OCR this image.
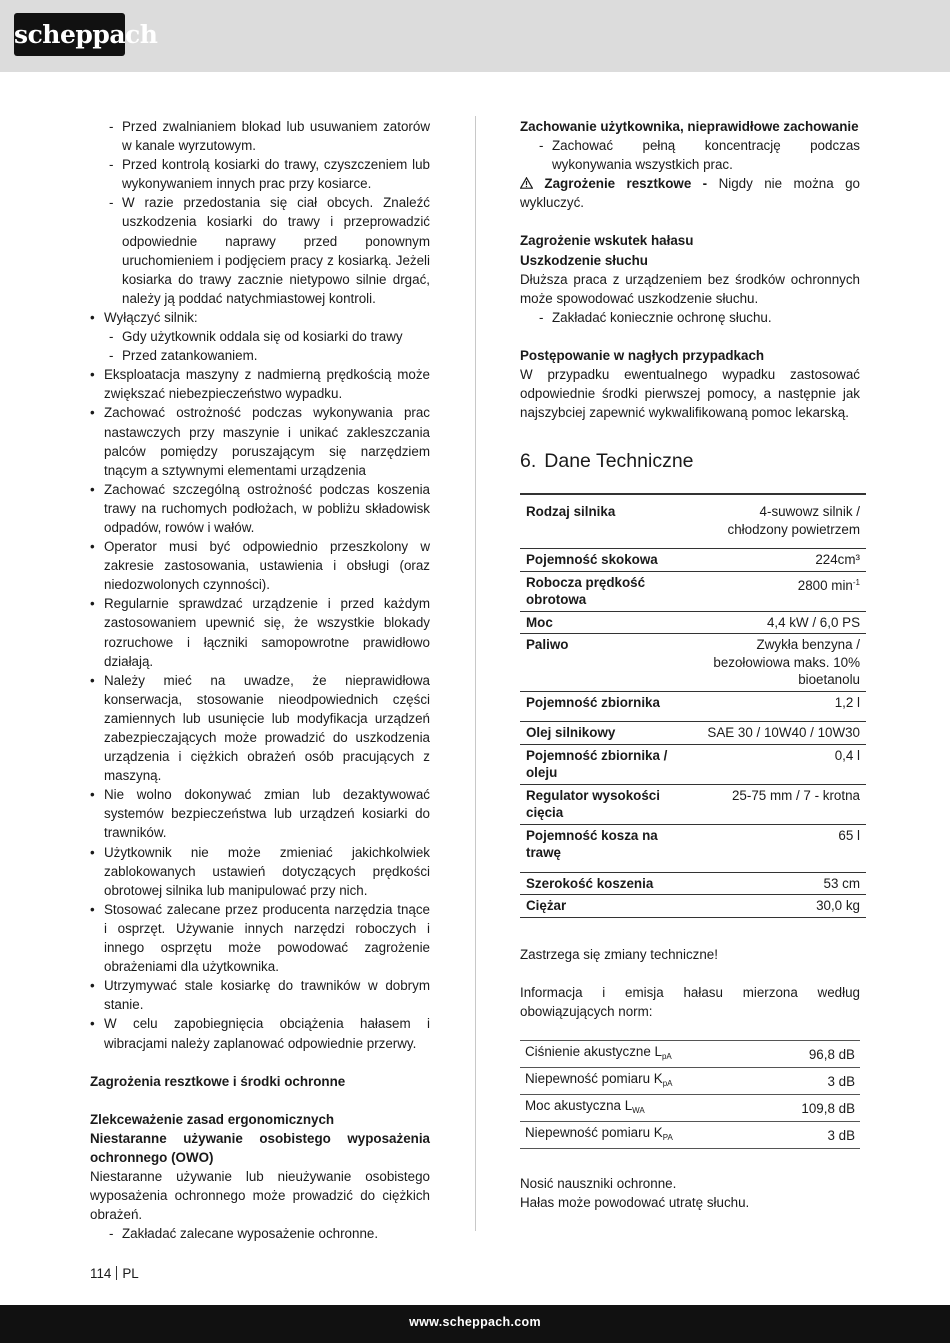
scheppach

- Przed zwalnianiem blokad lub usuwaniem zatorów w kanale wyrzutowym.

- Przed kontrolą kosiarki do trawy, czyszczeniem lub wykonywaniem innych prac przy kosiarce.

- W razie przedostania się ciał obcych. Znaleźć uszkodzenia kosiarki do trawy i przeprowadzić odpowiednie naprawy przed ponownym uruchomieniem i podjęciem pracy z kosiarką. Jeżeli kosiarka do trawy zacznie nietypowo silnie drgać, należy ją poddać natychmiastowej kontroli.

• Wyłączyć silnik:

- Gdy użytkownik oddala się od kosiarki do trawy

- Przed zatankowaniem.

• Eksploatacja maszyny z nadmierną prędkością może zwiększać niebezpieczeństwo wypadku.

• Zachować ostrożność podczas wykonywania prac nastawczych przy maszynie i unikać zakleszczania palców pomiędzy poruszającym się narzędziem tnącym a sztywnymi elementami urządzenia

• Zachować szczególną ostrożność podczas koszenia trawy na ruchomych podłożach, w pobliżu składowisk odpadów, rowów i wałów.

• Operator musi być odpowiednio przeszkolony w zakresie zastosowania, ustawienia i obsługi (oraz niedozwolonych czynności).

• Regularnie sprawdzać urządzenie i przed każdym zastosowaniem upewnić się, że wszystkie blokady rozruchowe i łączniki samopowrotne prawidłowo działają.

• Należy mieć na uwadze, że nieprawidłowa konserwacja, stosowanie nieodpowiednich części zamiennych lub usunięcie lub modyfikacja urządzeń zabezpieczających może prowadzić do uszkodzenia urządzenia i ciężkich obrażeń osób pracujących z maszyną.

• Nie wolno dokonywać zmian lub dezaktywować systemów bezpieczeństwa lub urządzeń kosiarki do trawników.

• Użytkownik nie może zmieniać jakichkolwiek zablokowanych ustawień dotyczących prędkości obrotowej silnika lub manipulować przy nich.

• Stosować zalecane przez producenta narzędzia tnące i osprzęt. Używanie innych narzędzi roboczych i innego osprzętu może powodować zagrożenie obrażeniami dla użytkownika.

• Utrzymywać stale kosiarkę do trawników w dobrym stanie.

• W celu zapobiegnięcia obciążenia hałasem i wibracjami należy zaplanować odpowiednie przerwy.

Zagrożenia resztkowe i środki ochronne

Zlekceważenie zasad ergonomicznych

Niestaranne używanie osobistego wyposażenia ochronnego (OWO)

Niestaranne używanie lub nieużywanie osobistego wyposażenia ochronnego może prowadzić do ciężkich obrażeń.

- Zakładać zalecane wyposażenie ochronne.

Zachowanie użytkownika, nieprawidłowe zachowanie

- Zachować pełną koncentrację podczas wykonywania wszystkich prac.

Zagrożenie resztkowe - Nigdy nie można go wykluczyć.

Zagrożenie wskutek hałasu

Uszkodzenie słuchu

Dłuższa praca z urządzeniem bez środków ochronnych może spowodować uszkodzenie słuchu.

- Zakładać koniecznie ochronę słuchu.

Postępowanie w nagłych przypadkach

W przypadku ewentualnego wypadku zastosować odpowiednie środki pierwszej pomocy, a następnie jak najszybciej zapewnić wykwalifikowaną pomoc lekarską.

6. Dane Techniczne

Rodzaj silnika	4-suwowz silnik / chłodzony powietrzem
Pojemność skokowa	224cm³
Robocza prędkość obrotowa	2800 $\min^{-1}$
Moc	4,4 kW / 6,0 PS
Paliwo	Zwykła benzyna / bezołowiowa maks. 10% bioetanolu
Pojemność zbiornika	1,2 l
Olej silnikowy	SAE 30 / 10W40 / 10W30
Pojemność zbiornika / oleju	0,4 l
Regulator wysokości cięcia	25-75 mm / 7 - krotna
Pojemność kosza na trawę	65 l
Szerokość koszenia	53 cm
Ciężar	30,0 kg

Zastrzega się zmiany techniczne!

Informacja i emisja hałasu mierzona według obowiązujących norm:

Ciśnienie akustyczne $L_{pA}$	96,8 dB
Niepewność pomiaru $K_{pA}$	3 dB
Moc akustyczna $L_{WA}$	109,8 dB
Niepewność pomiaru $K_{PA}$	3 dB

Nosić nauszniki ochronne.

Hałas może powodować utratę słuchu.

114 PL
www.scheppach.com
